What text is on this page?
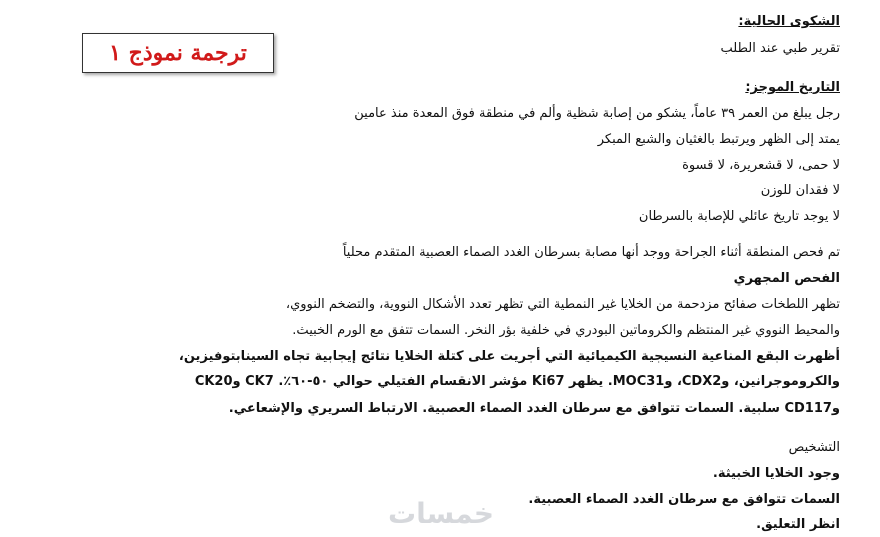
ترجمة نموذج ١
الشكوى الحالية:
تقرير طبي عند الطلب
التاريخ الموجز:
رجل يبلغ من العمر ٣٩ عاماً، يشكو من إصابة شظية وألم في منطقة فوق المعدة منذ عامين
يمتد إلى الظهر ويرتبط بالغثيان والشبع المبكر
لا حمى، لا قشعريرة، لا قسوة
لا فقدان للوزن
لا يوجد تاريخ عائلي للإصابة بالسرطان
تم فحص المنطقة أثناء الجراحة ووجد أنها مصابة بسرطان الغدد الصماء العصبية المتقدم محلياً
الفحص المجهري
تظهر اللطخات صفائح مزدحمة من الخلايا غير النمطية التي تظهر تعدد الأشكال النووية، والتضخم النووي،
والمحيط النووي غير المنتظم والكروماتين البودري في خلفية بؤر النخر. السمات تتفق مع الورم الخبيث.
أظهرت البقع المناعية النسيجية الكيميائية التي أجريت على كتلة الخلايا نتائج إيجابية تجاه السينابتوفيزين،
والكروموجرانين، وCDX2، وMOC31. يظهر Ki67 مؤشر الانقسام الفتيلي حوالي ٥٠-٦٠٪. CK7 وCK20
وCD117 سلبية. السمات تتوافق مع سرطان الغدد الصماء العصبية. الارتباط السريري والإشعاعي.
التشخيص
وجود الخلايا الخبيثة.
السمات تتوافق مع سرطان الغدد الصماء العصبية.
انظر التعليق.
خمسات
